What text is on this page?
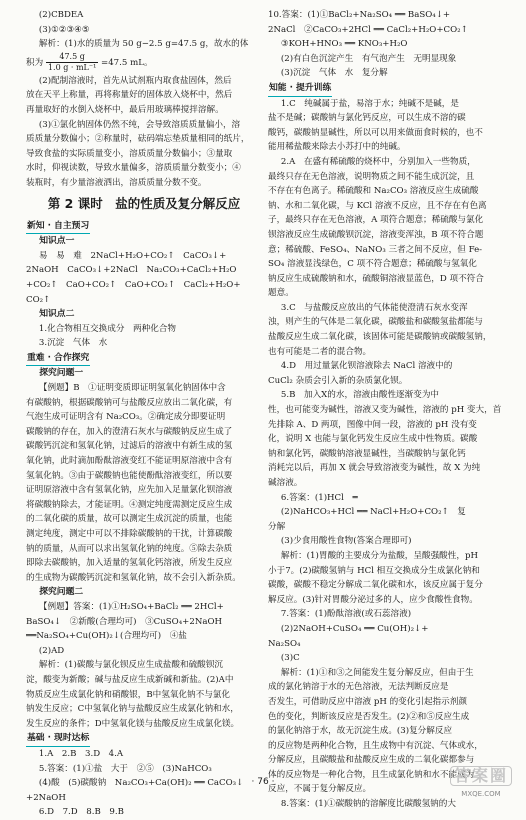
(2)CBDEA
(3)①②③④⑤
解析：(1)水的质量为 50 g−2.5 g=47.5 g，故水的体
积为 $\frac{47.5 g}{\text{1.0 g · mL⁻¹}} =47.5$ mL。
(2)配制溶液时，首先从试剂瓶内取食盐固体，然后
放在天平上称量，再将称量好的固体放入烧杯中，然后
再量取好的水倒入烧杯中，最后用玻璃棒搅拌溶解。
(3)①氯化钠固体仍然不纯，会导致溶质质量偏小，溶
质质量分数偏小；②称量时，砝码端忘垫质量相同的纸片，
导致食盐的实际质量变小，溶质质量分数偏小；③量取
水时，仰视读数，导致水量偏多，溶质质量分数变小；④
装瓶时，有少量溶液洒出，溶质质量分数不变。
第 2 课时　盐的性质及复分解反应
新知 · 自主预习
知识点一
易　易　难　2NaCl+H₂O+CO₂↑　CaCO₃↓+
2NaOH　CaCO₃↓+2NaCl　Na₂CO₃+CaCl₂+H₂O
+CO₂↑　CaO+CO₂↑　CaO+CO₂↑　CaCl₂+H₂O+
CO₂↑
知识点二
1.化合物相互交换成分　两种化合物
3.沉淀　气体　水
重难 · 合作探究
探究问题一
【例题】B　①证明变质即证明氢氧化钠固体中含
有碳酸钠，根据碳酸钠可与盐酸反应放出二氧化碳，有
气泡生成可证明含有 Na₂CO₃。②确定成分即要证明
碳酸钠的存在，加入的澄清石灰水与碳酸钠反应生成了
碳酸钙沉淀和氢氧化钠，过滤后的溶液中有新生成的氢
氧化钠，此时滴加酚酞溶液变红不能证明原溶液中含有
氢氧化钠。③由于碳酸钠也能使酚酞溶液变红，所以要
证明原溶液中含有氢氧化钠，应先加入足量氯化钡溶液
将碳酸钠除去，才能证明。④测定纯度需测定反应生成
的二氧化碳的质量，故可以测定生成沉淀的质量，也能
测定纯度，测定中可以不排除碳酸钠的干扰，计算碳酸
钠的质量，从而可以求出氢氧化钠的纯度。⑤除去杂质
即除去碳酸钠，加入适量的氢氧化钙溶液，所发生反应
的生成物为碳酸钙沉淀和氢氧化钠，故不会引入新杂质。
探究问题二
【例题】答案：(1)①H₂SO₄+BaCl₂ ══ 2HCl+
BaSO₄↓　②新酸(合理均可)　③CuSO₄+2NaOH
══Na₂SO₄+Cu(OH)₂↓(合理均可)　④盐
(2)AD
解析：(1)碳酸与氯化钡反应生成盐酸和硫酸钡沉
淀，酸变为新酸；碱与盐反应生成新碱和新盐。(2)A中
物质反应生成氯化钠和硝酸银，B中氢氧化钠不与氯化
钠发生反应；C中氢氧化钠与盐酸反应生成氯化钠和水，
发生反应的条件；D中氢氧化镁与盐酸反应生成氯化镁。
基础 · 现时达标
1.A　2.B　3.D　4.A
5.答案：(1)①盐　大于　②⑤　(3)NaHCO₃
(4)酸　(5)碳酸钠　Na₂CO₃+Ca(OH)₂ ══ CaCO₃↓
+2NaOH
6.D　7.D　8.B　9.B
10.答案：(1)①BaCl₂+Na₂SO₄ ══ BaSO₄↓+
2NaCl　②CaCO₃+2HCl ══ CaCl₂+H₂O+CO₂↑
③KOH+HNO₃ ══ KNO₃+H₂O
(2)有白色沉淀产生　有气泡产生　无明显现象
(3)沉淀　气体　水　复分解
知能 · 提升训练
1.C　纯碱属于盐，易溶于水；纯碱不是碱，是
盐不是碱；碳酸钠与氯化钙反应，可以生成不溶的碳
酸钙，碳酸钠显碱性，所以可以用来做面食时候的，也不
能用稀盐酸来除去小苏打中的纯碱。
2.A　在盛有稀硫酸的烧杯中，分别加入一些物质，
最终只存在无色溶液，说明物质之间不能生成沉淀，且
不存在有色离子。稀硫酸和 Na₂CO₃ 溶液反应生成硫酸
钠、水和二氧化碳，与 KCl 溶液不反应，且不存在有色离
子，最终只存在无色溶液，A 项符合题意；稀硫酸与氯化
钡溶液反应生成硫酸钡沉淀，溶液变浑浊，B 项不符合题
意；稀硫酸、FeSO₄、NaNO₃ 三者之间不反应，但 Fe-
SO₄ 溶液显浅绿色，C 项不符合题意；稀硫酸与氢氧化
钠反应生成硫酸钠和水，硫酸铜溶液显蓝色，D 项不符合
题意。
3.C　与盐酸反应放出的气体能使澄清石灰水变浑
浊，则产生的气体是二氧化碳，碳酸盐和碳酸氢盐都能与
盐酸反应生成二氧化碳，该固体可能是碳酸钠或碳酸氢钠，
也有可能是二者的混合物。
4.D　用过量氯化钡溶液除去 NaCl 溶液中的
CuCl₂ 杂质会引入新的杂质氯化钡。
5.B　加入X的水，溶液由酸性逐渐变为中
性，也可能变为碱性，溶液又变为碱性，溶液的 pH 变大，首
先排除 A、D 两项，图像中间一段，溶液的 pH 没有变
化，说明 X 也能与氯化钙发生反应生成中性物质。碳酸
钠和氯化钙，碳酸钠溶液显碱性，当碳酸钠与氯化钙
消耗完以后，再加 X 就会导致溶液变为碱性，故 X 为纯
碱溶液。
6.答案：(1)HCl　═
(2)NaHCO₃+HCl ══ NaCl+H₂O+CO₂↑　复
分解
(3)少食用酸性食物(答案合理即可)
解析：(1)胃酸的主要成分为盐酸，呈酸强酸性，pH
小于7。(2)碳酸氢钠与 HCl 相互交换成分生成氯化钠和
碳酸，碳酸不稳定分解成二氧化碳和水，该反应属于复分
解反应。(3)针对胃酸分泌过多的人，应少食酸性食物。
7.答案：(1)酚酞溶液(或石蕊溶液)
(2)2NaOH+CuSO₄ ══ Cu(OH)₂↓+
Na₂SO₄
(3)C
解析：(1)①和③之间能发生复分解反应，但由于生
成的氯化钠溶于水的无色溶液，无法判断反应是
否发生，可借助反应中溶液 pH 的变化引起指示剂颜
色的变化，判断该反应是否发生。(2)②和⑤反应生成
的氯化钠溶于水，故无沉淀生成。(3)复分解反应
的反应物是两种化合物，且生成物中有沉淀、气体或水，
分解反应，且碳酸盐和盐酸反应生成的二氧化碳都参与
体的反应物是一种化合物，且生成氯化钠和水不能成为
反应，不属于复分解反应。
8.答案：(1)①碳酸钠的溶解度比碳酸氢钠的大
· 76 ·	答案圈
MXQE.COM
